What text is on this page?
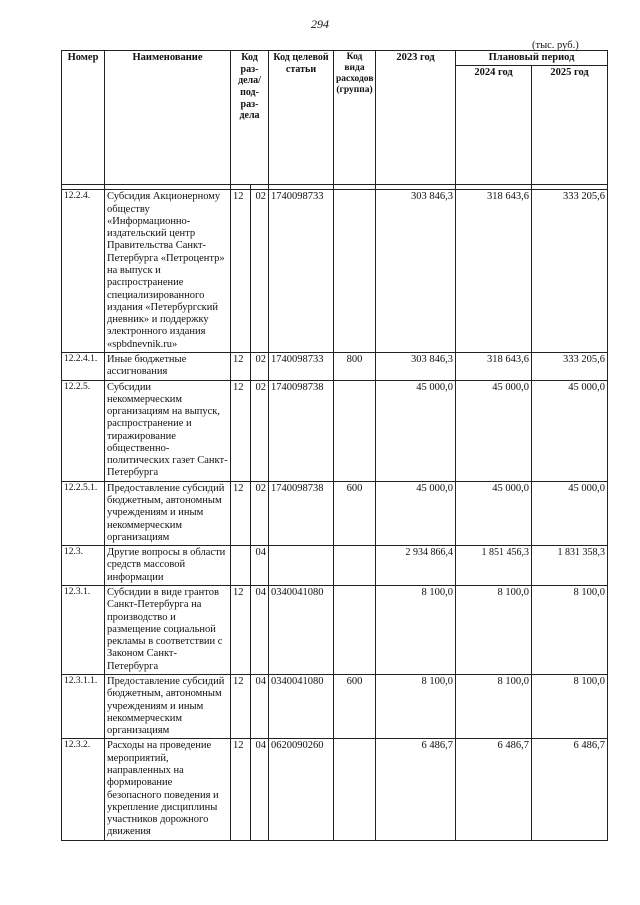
294
(тыс. руб.)
Номер	Наименование	Код раз- дела/ под- раз- дела		Код целевой статьи	Код вида расходов (группа)	2023 год	Плановый период	
							2024 год	2025 год

12.2.4.	Субсидия Акционерному обществу «Информационно-издательский центр Правительства Санкт-Петербурга «Петроцентр» на выпуск и распространение специализированного издания «Петербургский дневник» и поддержку электронного издания «spbdnevnik.ru»	12	02	1740098733		303 846,3	318 643,6	333 205,6
12.2.4.1.	Иные бюджетные ассигнования	12	02	1740098733	800	303 846,3	318 643,6	333 205,6
12.2.5.	Субсидии некоммерческим организациям на выпуск, распространение и тиражирование общественно-политических газет Санкт-Петербурга	12	02	1740098738		45 000,0	45 000,0	45 000,0
12.2.5.1.	Предоставление субсидий бюджетным, автономным учреждениям и иным некоммерческим организациям	12	02	1740098738	600	45 000,0	45 000,0	45 000,0
12.3.	Другие вопросы в области средств массовой информации		04			2 934 866,4	1 851 456,3	1 831 358,3
12.3.1.	Субсидии в виде грантов Санкт-Петербурга на производство и размещение социальной рекламы в соответствии с Законом Санкт-Петербурга	12	04	0340041080		8 100,0	8 100,0	8 100,0
12.3.1.1.	Предоставление субсидий бюджетным, автономным учреждениям и иным некоммерческим организациям	12	04	0340041080	600	8 100,0	8 100,0	8 100,0
12.3.2.	Расходы на проведение мероприятий, направленных на формирование безопасного поведения и укрепление дисциплины участников дорожного движения	12	04	0620090260		6 486,7	6 486,7	6 486,7
